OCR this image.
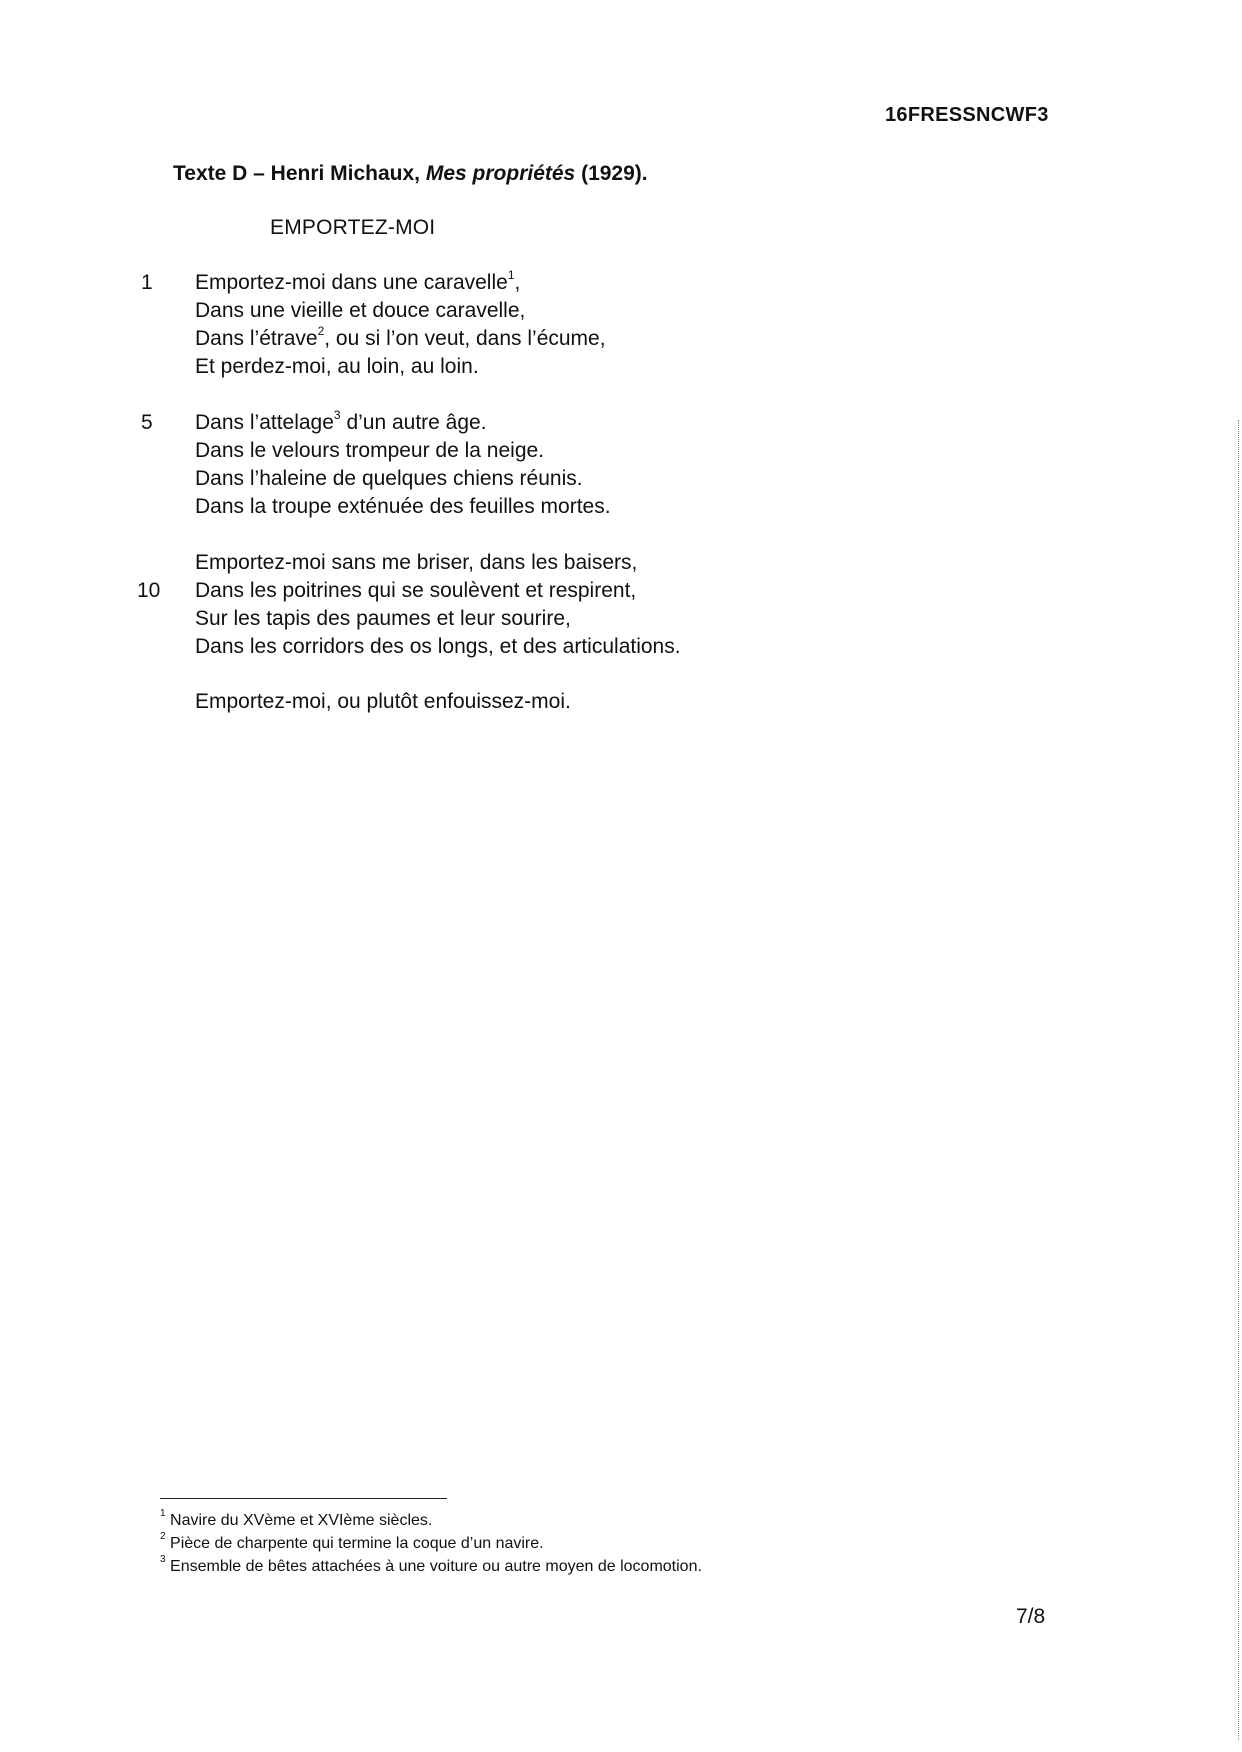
16FRESSNCWF3
Texte D – Henri Michaux, Mes propriétés (1929).
EMPORTEZ-MOI
1 Emportez-moi dans une caravelle$^1$,
Dans une vieille et douce caravelle,
Dans l’étrave$^2$, ou si l’on veut, dans l’écume,
Et perdez-moi, au loin, au loin.
5 Dans l’attelage$^3$ d’un autre âge.
Dans le velours trompeur de la neige.
Dans l’haleine de quelques chiens réunis.
Dans la troupe exténuée des feuilles mortes.
Emportez-moi sans me briser, dans les baisers,
10 Dans les poitrines qui se soulèvent et respirent,
Sur les tapis des paumes et leur sourire,
Dans les corridors des os longs, et des articulations.
Emportez-moi, ou plutôt enfouissez-moi.
$^1$ Navire du XVème et XVIème siècles.
$^2$ Pièce de charpente qui termine la coque d’un navire.
$^3$ Ensemble de bêtes attachées à une voiture ou autre moyen de locomotion.
7/8
